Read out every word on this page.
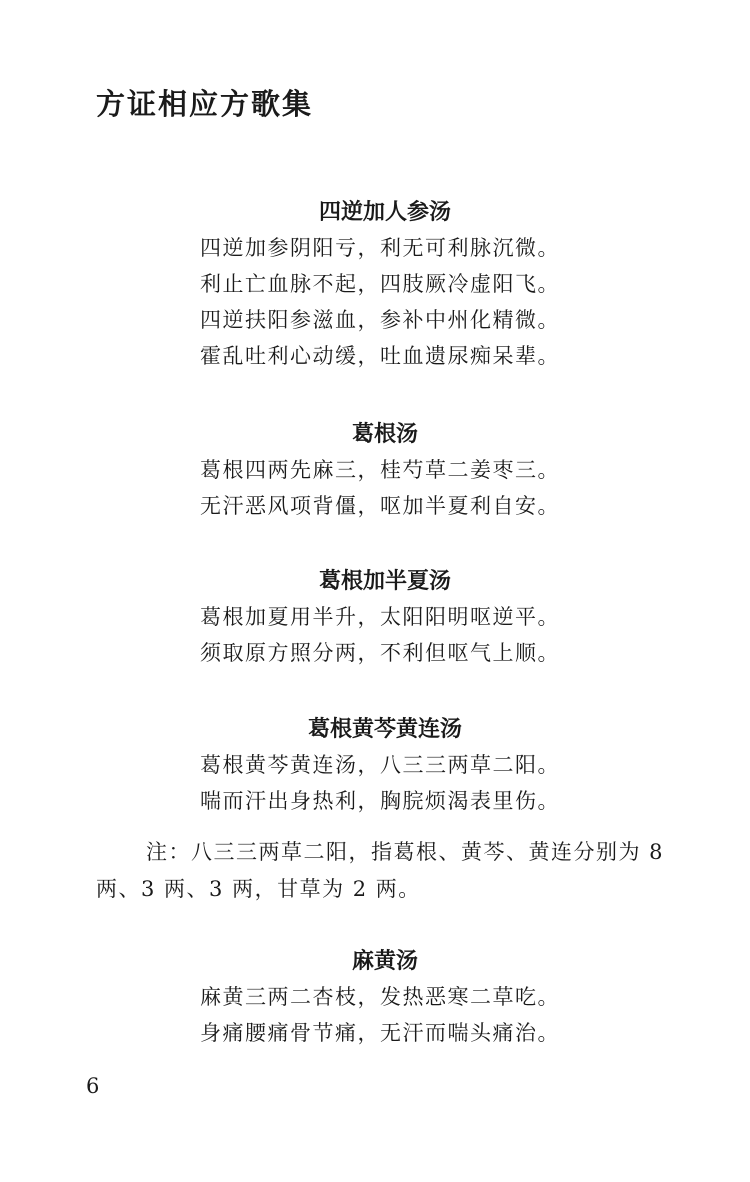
方证相应方歌集
四逆加人参汤
四逆加参阴阳亏，利无可利脉沉微。
利止亡血脉不起，四肢厥冷虚阳飞。
四逆扶阳参滋血，参补中州化精微。
霍乱吐利心动缓，吐血遗尿痴呆辈。
葛根汤
葛根四两先麻三，桂芍草二姜枣三。
无汗恶风项背僵，呕加半夏利自安。
葛根加半夏汤
葛根加夏用半升，太阳阳明呕逆平。
须取原方照分两，不利但呕气上顺。
葛根黄芩黄连汤
葛根黄芩黄连汤，八三三两草二阳。
喘而汗出身热利，胸脘烦渴表里伤。
注：八三三两草二阳，指葛根、黄芩、黄连分别为 8 两、3 两、3 两，甘草为 2 两。
麻黄汤
麻黄三两二杏枝，发热恶寒二草吃。
身痛腰痛骨节痛，无汗而喘头痛治。
6
